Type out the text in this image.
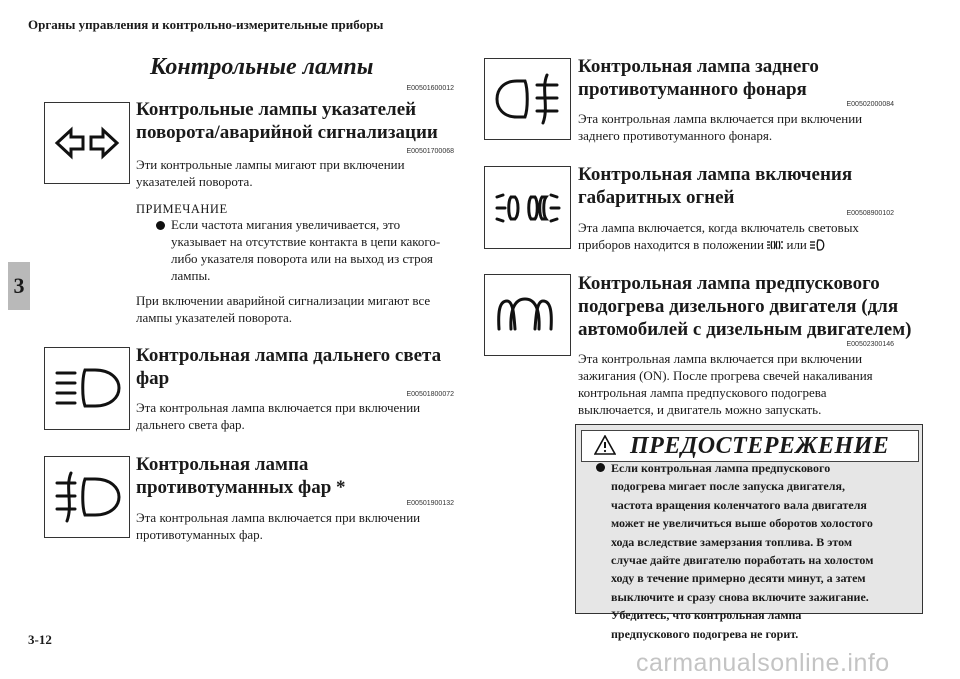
Органы управления и контрольно-измерительные приборы
3
3-12
Контрольные лампы
E00501600012
Контрольные лампы указателей
поворота/аварийной сигнализации
E00501700068
Эти контрольные лампы мигают при включении
указателей поворота.
ПРИМЕЧАНИЕ
Если частота мигания увеличивается, это
указывает на отсутствие контакта в цепи какого-
либо указателя поворота или на выход из строя
лампы.
При включении аварийной сигнализации мигают все
лампы указателей поворота.
Контрольная лампа дальнего света
фар
E00501800072
Эта контрольная лампа включается при включении
дальнего света фар.
Контрольная лампа
противотуманных фар *
E00501900132
Эта контрольная лампа включается при включении
противотуманных фар.
Контрольная лампа заднего
противотуманного фонаря
E00502000084
Эта контрольная лампа включается при включении
заднего противотуманного фонаря.
Контрольная лампа включения
габаритных огней
E00508900102
Эта лампа включается, когда включатель световых
приборов находится в положении или
Контрольная лампа предпускового
подогрева дизельного двигателя (для
автомобилей с дизельным двигателем)
E00502300146
Эта контрольная лампа включается при включении
зажигания (ON). После прогрева свечей накаливания
контрольная лампа предпускового подогрева
выключается, и двигатель можно запускать.
ПРЕДОСТЕРЕЖЕНИЕ
Если контрольная лампа предпускового
подогрева мигает после запуска двигателя,
частота вращения коленчатого вала двигателя
может не увеличиться выше оборотов холостого
хода вследствие замерзания топлива. В этом
случае дайте двигателю поработать на холостом
ходу в течение примерно десяти минут, а затем
выключите и сразу снова включите зажигание.
Убедитесь, что контрольная лампа
предпускового подогрева не горит.
carmanualsonline.info
